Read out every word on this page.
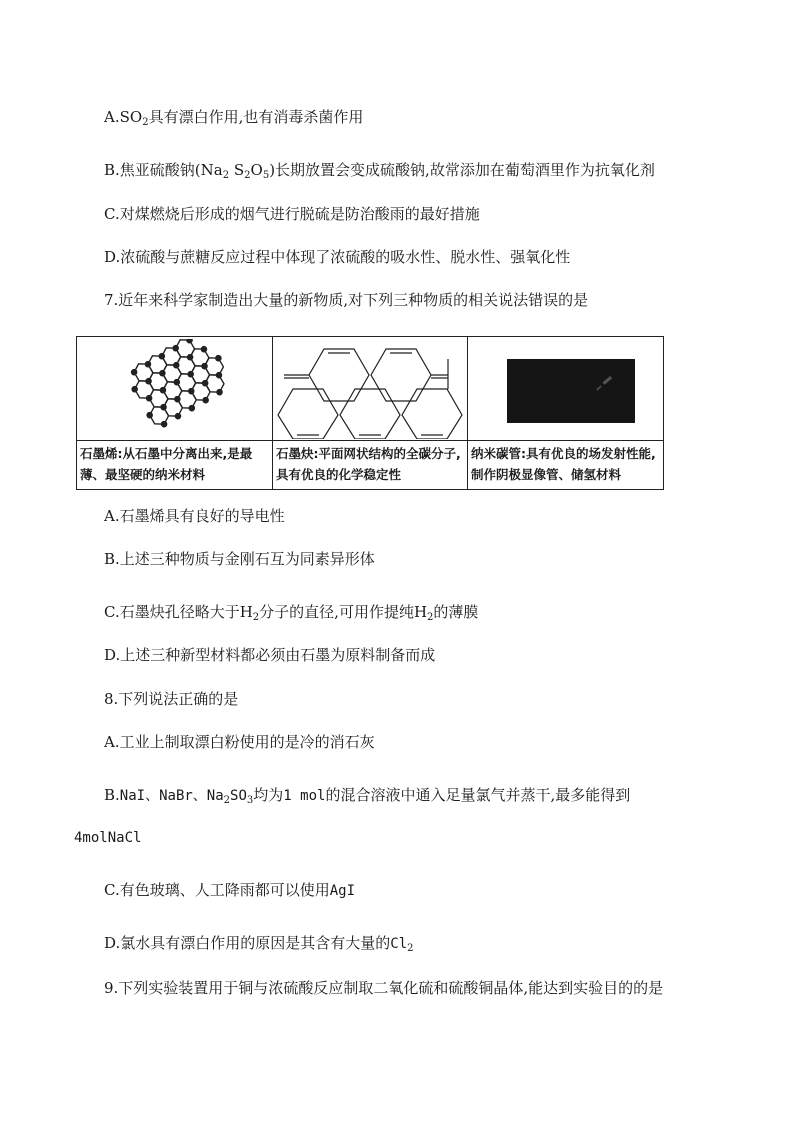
$A.SO_2$具有漂白作用,也有消毒杀菌作用
B.焦亚硫酸钠($Na_2$ $S_2O_5$)长期放置会变成硫酸钠,故常添加在葡萄酒里作为抗氧化剂
C.对煤燃烧后形成的烟气进行脱硫是防治酸雨的最好措施
D.浓硫酸与蔗糖反应过程中体现了浓硫酸的吸水性、脱水性、强氧化性
7.近年来科学家制造出大量的新物质,对下列三种物质的相关说法错误的是
石墨烯:从石墨中分离出来,是最薄、最坚硬的纳米材料
石墨炔:平面网状结构的全碳分子,具有优良的化学稳定性
纳米碳管:具有优良的场发射性能,制作阴极显像管、储氢材料
A.石墨烯具有良好的导电性
B.上述三种物质与金刚石互为同素异形体
C.石墨炔孔径略大于$H_2$分子的直径,可用作提纯$H_2$的薄膜
D.上述三种新型材料都必须由石墨为原料制备而成
8.下列说法正确的是
A.工业上制取漂白粉使用的是冷的消石灰
B.NaI、NaBr、$Na_2SO_3$均为1 mol的混合溶液中通入足量氯气并蒸干,最多能得到
4molNaCl
C.有色玻璃、人工降雨都可以使用AgI
D.氯水具有漂白作用的原因是其含有大量的$Cl_2$
9.下列实验装置用于铜与浓硫酸反应制取二氧化硫和硫酸铜晶体,能达到实验目的的是
